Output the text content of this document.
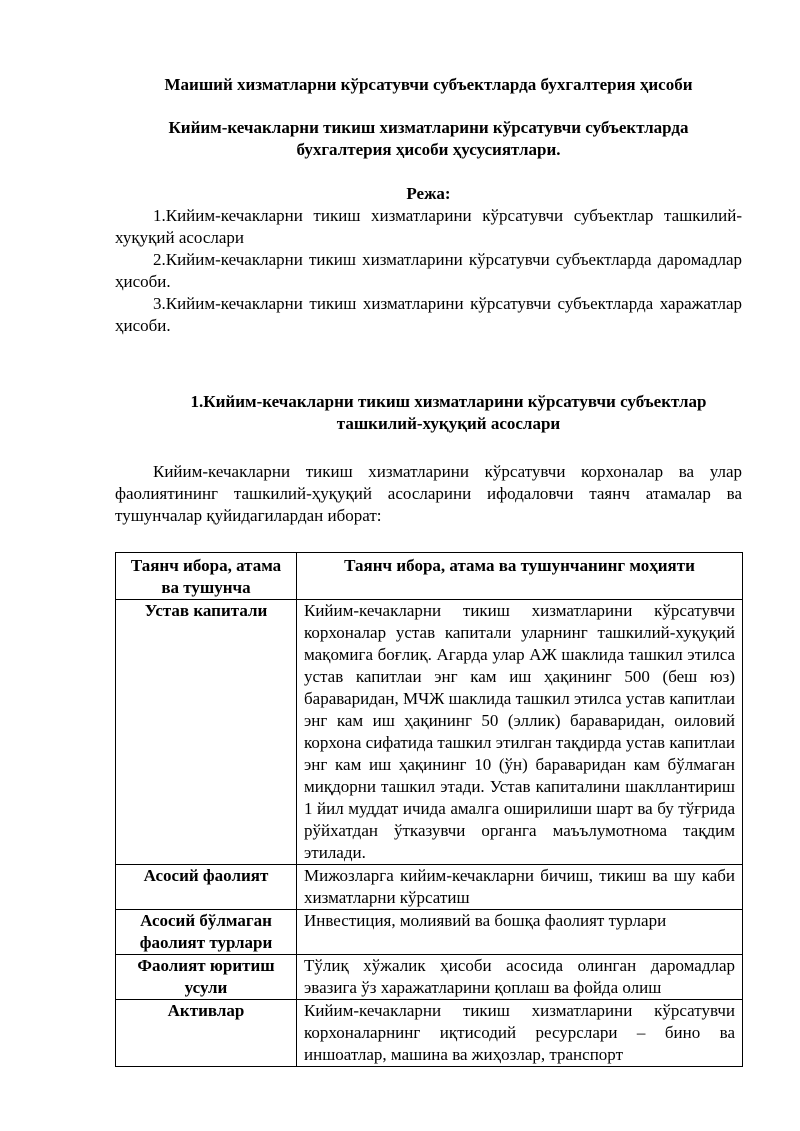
Маиший хизматларни кўрсатувчи субъектларда бухгалтерия ҳисоби

Кийим-кечакларни тикиш хизматларини кўрсатувчи субъектларда бухгалтерия ҳисоби ҳусусиятлари.

Режа:

1.Кийим-кечакларни тикиш хизматларини кўрсатувчи субъектлар ташкилий-хуқуқий асослари

2.Кийим-кечакларни тикиш хизматларини кўрсатувчи субъектларда даромадлар ҳисоби.

3.Кийим-кечакларни тикиш хизматларини кўрсатувчи субъектларда харажатлар ҳисоби.

1.Кийим-кечакларни тикиш хизматларини кўрсатувчи субъектлар ташкилий-хуқуқий асослари

Кийим-кечакларни тикиш хизматларини кўрсатувчи корхоналар ва улар фаолиятининг ташкилий-ҳуқуқий асосларини ифодаловчи таянч атамалар ва тушунчалар қуйидагилардан иборат:

Таянч ибора, атама ва тушунча	Таянч ибора, атама ва тушунчанинг моҳияти
Устав капитали	Кийим-кечакларни тикиш хизматларини кўрсатувчи корхоналар устав капитали уларнинг ташкилий-хуқуқий мақомига боғлиқ. Агарда улар АЖ шаклида ташкил этилса устав капитлаи энг кам иш ҳақининг 500 (беш юз) бараваридан, МЧЖ шаклида ташкил этилса устав капитлаи энг кам иш ҳақининг 50 (эллик) бараваридан, оиловий корхона сифатида ташкил этилган тақдирда устав капитлаи энг кам иш ҳақининг 10 (ўн) бараваридан кам бўлмаган миқдорни ташкил этади. Устав капиталини шакллантириш 1 йил муддат ичида амалга оширилиши шарт ва бу тўғрида рўйхатдан ўтказувчи органга маъълумотнома тақдим этилади.
Асосий фаолият	Мижозларга кийим-кечакларни бичиш, тикиш ва шу каби хизматларни кўрсатиш
Асосий бўлмаган фаолият турлари	Инвестиция, молиявий ва бошқа фаолият турлари
Фаолият юритиш усули	Тўлиқ хўжалик ҳисоби асосида олинган даромадлар эвазига ўз харажатларини қоплаш ва фойда олиш
Активлар	Кийим-кечакларни тикиш хизматларини кўрсатувчи корхоналарнинг иқтисодий ресурслари – бино ва иншоатлар, машина ва жиҳозлар, транспорт
